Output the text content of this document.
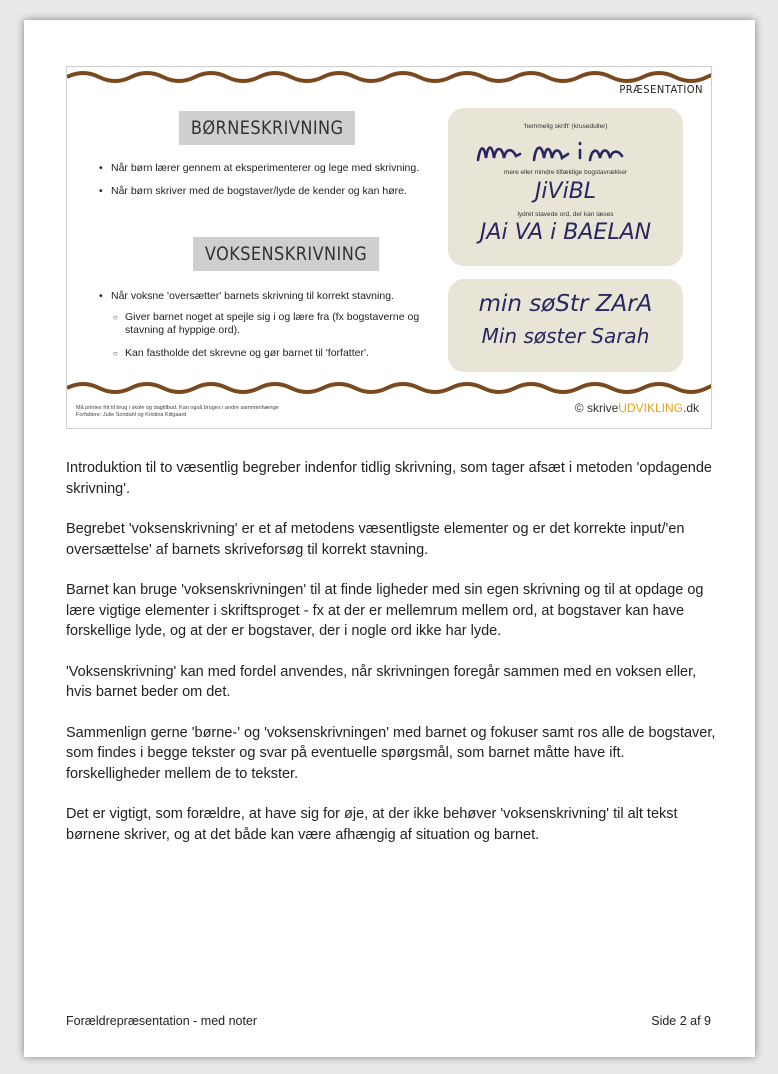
PRÆSENTATION
BØRNESKRIVNING
• Når børn lærer gennem at eksperimenterer og lege med skrivning.
• Når børn skriver med de bogstaver/lyde de kender og kan høre.
VOKSENSKRIVNING
• Når voksne 'oversætter' barnets skrivning til korrekt stavning.
○ Giver barnet noget at spejle sig i og lære fra (fx bogstaverne og stavning af hyppige ord).
○ Kan fastholde det skrevne og gør barnet til 'forfatter'.
'hemmelig skrift' (kruseduller)
mere eller mindre tilfældige bogstavrækker
JiViBL
lydret stavede ord, der kan læses
JAi VA i BAELAN
min søStr ZArA
Min søster Sarah
Må printes frit til brug i skole og dagtilbud. Kan også bruges i andre sammenhænge
Forfattere: Julie Sondahl og Kristina Kiilgaard	© skriveUDVIKLING.dk

Introduktion til to væsentlig begreber indenfor tidlig skrivning, som tager afsæt i metoden 'opdagende skrivning'.

Begrebet 'voksenskrivning' er et af metodens væsentligste elementer og er det korrekte input/'en oversættelse' af barnets skriveforsøg til korrekt stavning.

Barnet kan bruge 'voksenskrivningen' til at finde ligheder med sin egen skrivning og til at opdage og lære vigtige elementer i skriftsproget - fx at der er mellemrum mellem ord, at bogstaver kan have forskellige lyde, og at der er bogstaver, der i nogle ord ikke har lyde.

'Voksenskrivning' kan med fordel anvendes, når skrivningen foregår sammen med en voksen eller, hvis barnet beder om det.

Sammenlign gerne 'børne-' og 'voksenskrivningen' med barnet og fokuser samt ros alle de bogstaver, som findes i begge tekster og svar på eventuelle spørgsmål, som barnet måtte have ift. forskelligheder mellem de to tekster.

Det er vigtigt, som forældre, at have sig for øje, at der ikke behøver 'voksenskrivning' til alt tekst børnene skriver, og at det både kan være afhængig af situation og barnet.

Forældrepræsentation - med noter	Side 2 af 9
